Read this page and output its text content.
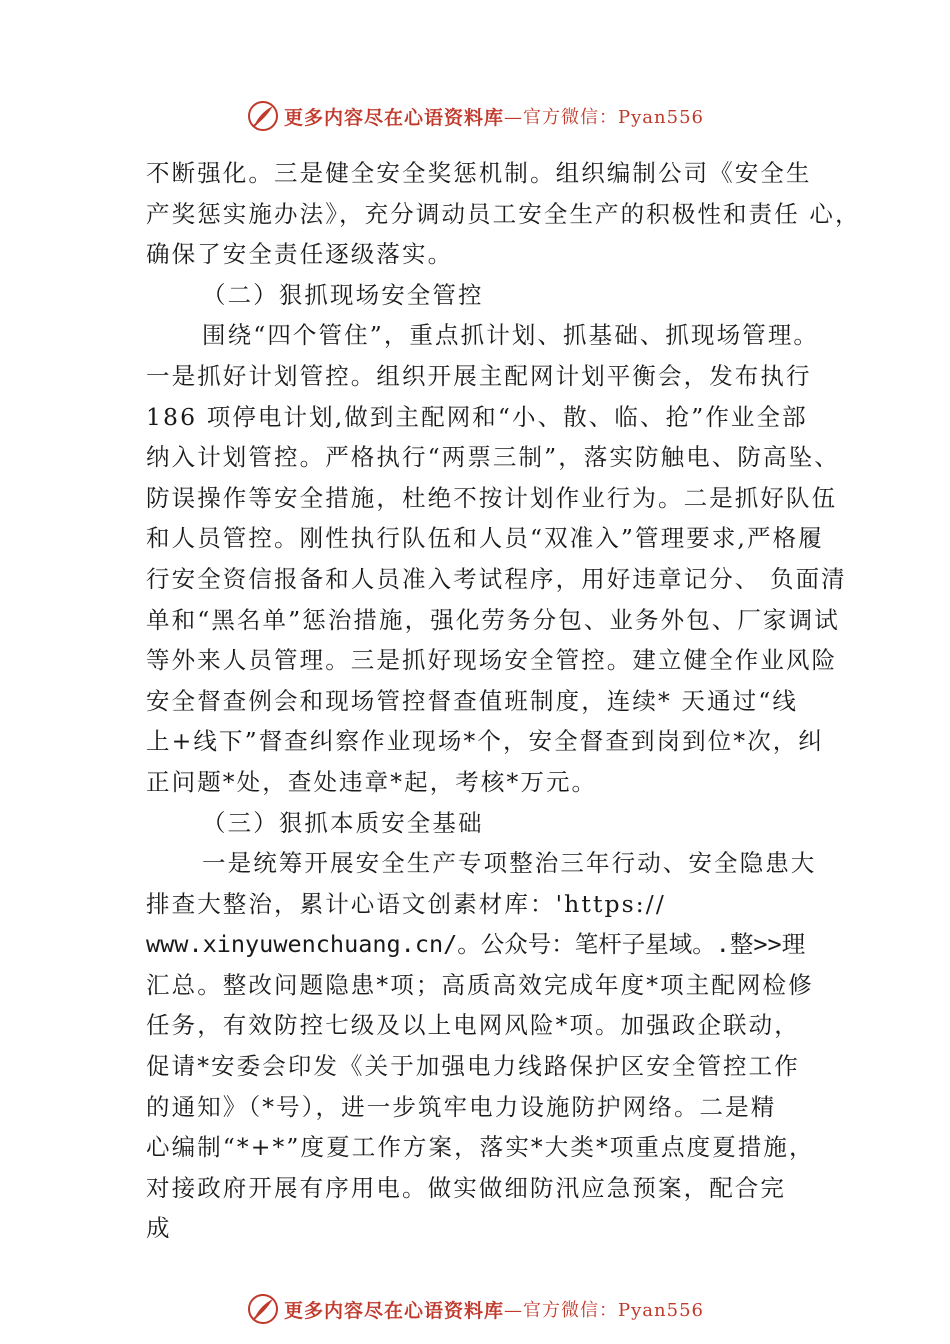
更多内容尽在心语资料库 —官方微信：Pyan556
不断强化。三是健全安全奖惩机制。组织编制公司《安全生
产奖惩实施办法》，充分调动员工安全生产的积极性和责任 心，
确保了安全责任逐级落实。
（二）狠抓现场安全管控
围绕“四个管住”，重点抓计划、抓基础、抓现场管理。
一是抓好计划管控。组织开展主配网计划平衡会，发布执行
186 项停电计划,做到主配网和“小、散、临、抢”作业全部
纳入计划管控。严格执行“两票三制”，落实防触电、防高坠、
防误操作等安全措施，杜绝不按计划作业行为。二是抓好队伍
和人员管控。刚性执行队伍和人员“双准入”管理要求,严格履
行安全资信报备和人员准入考试程序，用好违章记分、 负面清
单和“黑名单”惩治措施，强化劳务分包、业务外包、厂家调试
等外来人员管理。三是抓好现场安全管控。建立健全作业风险
安全督查例会和现场管控督查值班制度，连续* 天通过“线
上+线下”督查纠察作业现场*个，安全督查到岗到位*次，纠
正问题*处，查处违章*起，考核*万元。
（三）狠抓本质安全基础
一是统筹开展安全生产专项整治三年行动、安全隐患大
排查大整治，累计心语文创素材库：'https://
www.xinyuwenchuang.cn/。公众号：笔杆子星域。.整>>理
汇总。整改问题隐患*项；高质高效完成年度*项主配网检修
任务，有效防控七级及以上电网风险*项。加强政企联动，
促请*安委会印发《关于加强电力线路保护区安全管控工作
的通知》（*号），进一步筑牢电力设施防护网络。二是精
心编制“*+*”度夏工作方案，落实*大类*项重点度夏措施，
对接政府开展有序用电。做实做细防汛应急预案，配合完
成
更多内容尽在心语资料库 —官方微信：Pyan556
